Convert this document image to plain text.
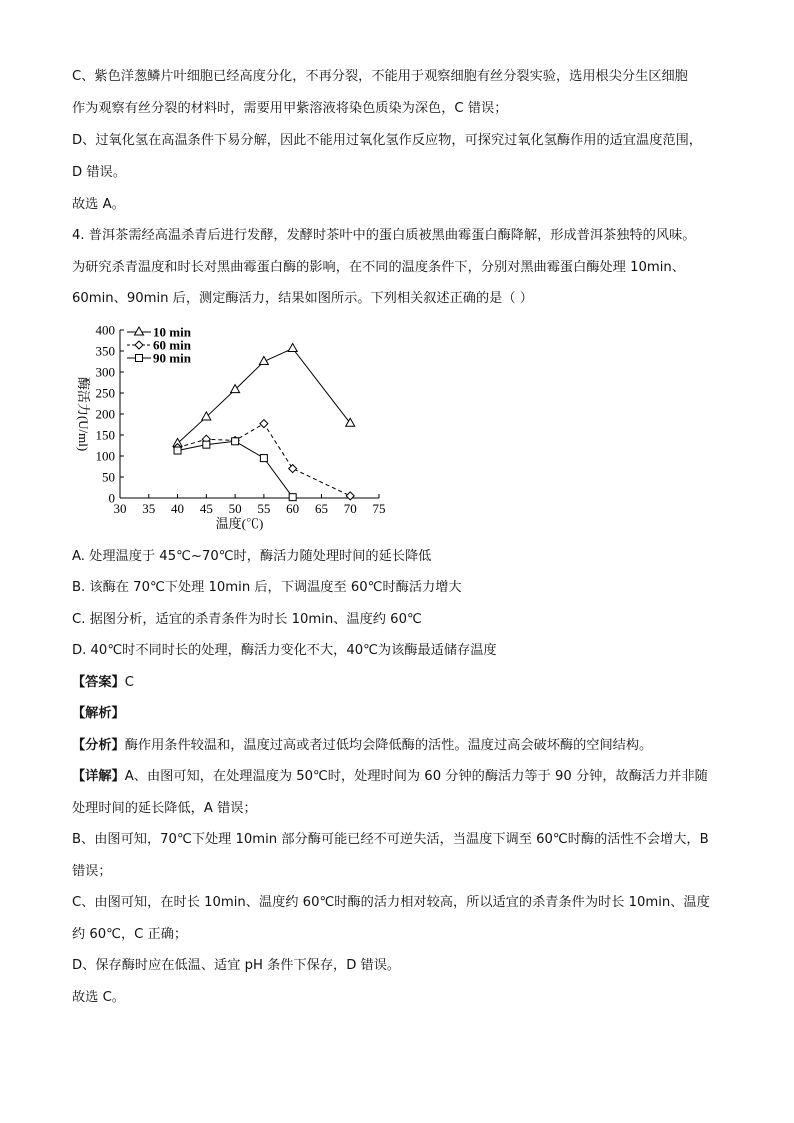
C、紫色洋葱鳞片叶细胞已经高度分化，不再分裂，不能用于观察细胞有丝分裂实验，选用根尖分生区细胞
作为观察有丝分裂的材料时，需要用甲紫溶液将染色质染为深色，C 错误；
D、过氧化氢在高温条件下易分解，因此不能用过氧化氢作反应物，可探究过氧化氢酶作用的适宜温度范围，
D 错误。
故选 A。
4. 普洱茶需经高温杀青后进行发酵，发酵时茶叶中的蛋白质被黑曲霉蛋白酶降解，形成普洱茶独特的风味。
为研究杀青温度和时长对黑曲霉蛋白酶的影响，在不同的温度条件下，分别对黑曲霉蛋白酶处理 10min、
60min、90min 后，测定酶活力，结果如图所示。下列相关叙述正确的是（ ）
30 35 40 45 50 55 60 65 70 75
0
50
100
150
200
250
300
350
400
温度(℃)
酶活力(U/ml)
10 min
60 min
90 min
A. 处理温度于 45℃~70℃时，酶活力随处理时间的延长降低
B. 该酶在 70℃下处理 10min 后，下调温度至 60℃时酶活力增大
C. 据图分析，适宜的杀青条件为时长 10min、温度约 60℃
D. 40℃时不同时长的处理，酶活力变化不大，40℃为该酶最适储存温度
【答案】C
【解析】
【分析】酶作用条件较温和，温度过高或者过低均会降低酶的活性。温度过高会破坏酶的空间结构。
【详解】A、由图可知，在处理温度为 50℃时，处理时间为 60 分钟的酶活力等于 90 分钟，故酶活力并非随
处理时间的延长降低，A 错误；
B、由图可知，70℃下处理 10min 部分酶可能已经不可逆失活，当温度下调至 60℃时酶的活性不会增大，B
错误；
C、由图可知，在时长 10min、温度约 60℃时酶的活力相对较高，所以适宜的杀青条件为时长 10min、温度
约 60℃，C 正确；
D、保存酶时应在低温、适宜 pH 条件下保存，D 错误。
故选 C。
